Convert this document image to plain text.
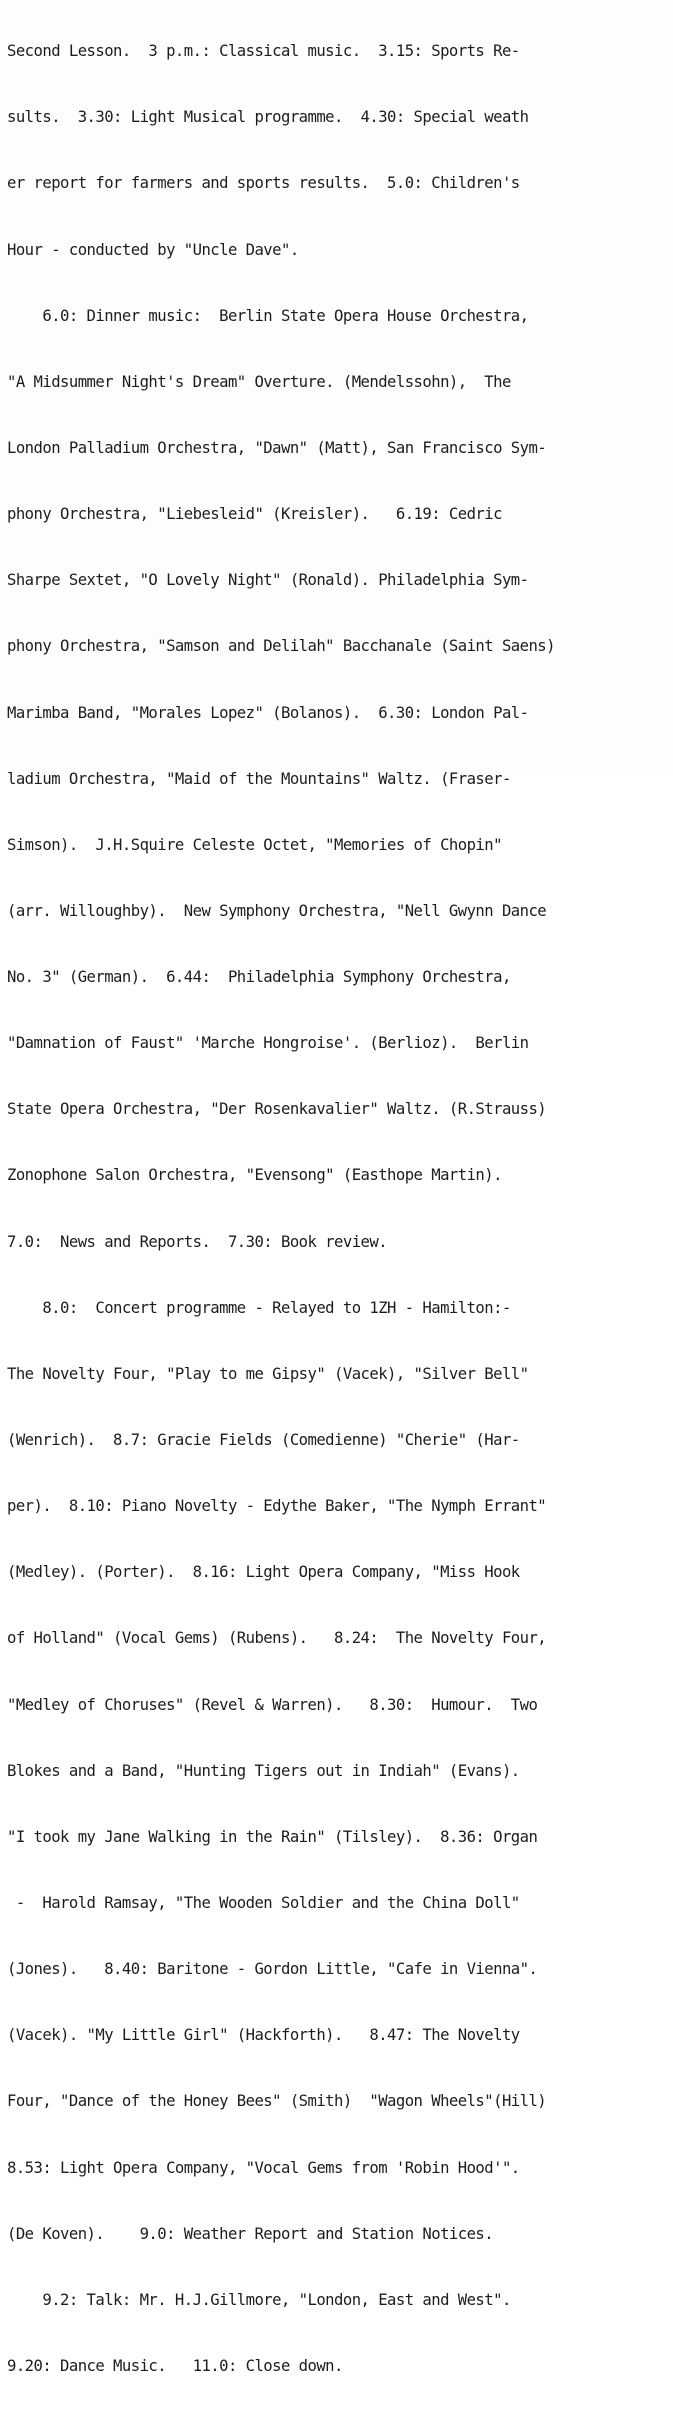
Second Lesson.  3 p.m.: Classical music.  3.15: Sports Re-

sults.  3.30: Light Musical programme.  4.30: Special weath

er report for farmers and sports results.  5.0: Children's

Hour - conducted by "Uncle Dave".

6.0: Dinner music:  Berlin State Opera House Orchestra,

"A Midsummer Night's Dream" Overture. (Mendelssohn),  The

London Palladium Orchestra, "Dawn" (Matt), San Francisco Sym-

phony Orchestra, "Liebesleid" (Kreisler).   6.19: Cedric

Sharpe Sextet, "O Lovely Night" (Ronald). Philadelphia Sym-

phony Orchestra, "Samson and Delilah" Bacchanale (Saint Saens)

Marimba Band, "Morales Lopez" (Bolanos).  6.30: London Pal-

ladium Orchestra, "Maid of the Mountains" Waltz. (Fraser-

Simson).  J.H.Squire Celeste Octet, "Memories of Chopin"

(arr. Willoughby).  New Symphony Orchestra, "Nell Gwynn Dance

No. 3" (German).  6.44:  Philadelphia Symphony Orchestra,

"Damnation of Faust" 'Marche Hongroise'. (Berlioz).  Berlin

State Opera Orchestra, "Der Rosenkavalier" Waltz. (R.Strauss)

Zonophone Salon Orchestra, "Evensong" (Easthope Martin).

7.0:  News and Reports.  7.30: Book review.

8.0:  Concert programme - Relayed to 1ZH - Hamilton:-

The Novelty Four, "Play to me Gipsy" (Vacek), "Silver Bell"

(Wenrich).  8.7: Gracie Fields (Comedienne) "Cherie" (Har-

per).  8.10: Piano Novelty - Edythe Baker, "The Nymph Errant"

(Medley). (Porter).  8.16: Light Opera Company, "Miss Hook

of Holland" (Vocal Gems) (Rubens).   8.24:  The Novelty Four,

"Medley of Choruses" (Revel & Warren).   8.30:  Humour.  Two

Blokes and a Band, "Hunting Tigers out in Indiah" (Evans).

"I took my Jane Walking in the Rain" (Tilsley).  8.36: Organ

-  Harold Ramsay, "The Wooden Soldier and the China Doll"

(Jones).   8.40: Baritone - Gordon Little, "Cafe in Vienna".

(Vacek). "My Little Girl" (Hackforth).   8.47: The Novelty

Four, "Dance of the Honey Bees" (Smith)  "Wagon Wheels"(Hill)

8.53: Light Opera Company, "Vocal Gems from 'Robin Hood'".

(De Koven).    9.0: Weather Report and Station Notices.

9.2: Talk: Mr. H.J.Gillmore, "London, East and West".

9.20: Dance Music.   11.0: Close down.
